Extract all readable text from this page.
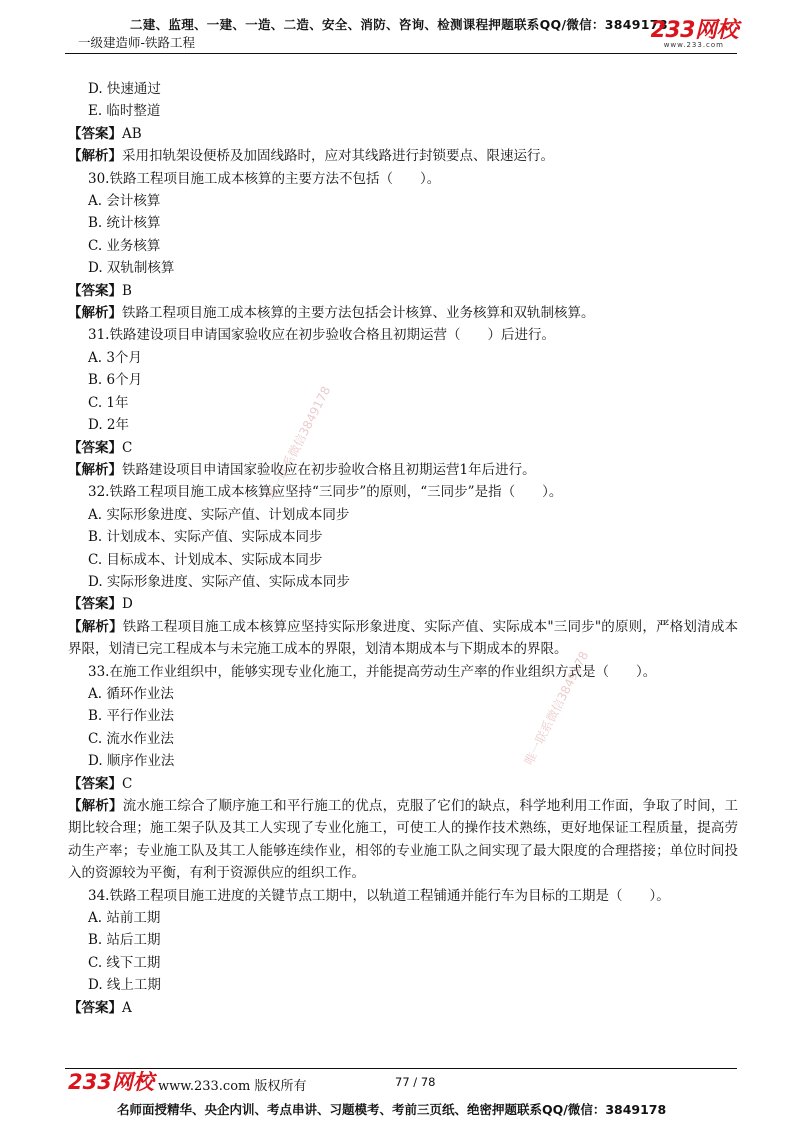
二建、监理、一建、一造、二造、安全、消防、咨询、检测课程押题联系QQ/微信：3849178
一级建造师-铁路工程	233网校
www.233.com
唯一联系微信3849178
唯一联系微信3849178
D. 快速通过
E. 临时整道
【答案】AB
【解析】采用扣轨架设便桥及加固线路时，应对其线路进行封锁要点、限速运行。
30.铁路工程项目施工成本核算的主要方法不包括（　　）。
A. 会计核算
B. 统计核算
C. 业务核算
D. 双轨制核算
【答案】B
【解析】铁路工程项目施工成本核算的主要方法包括会计核算、业务核算和双轨制核算。
31.铁路建设项目申请国家验收应在初步验收合格且初期运营（　　）后进行。
A. 3个月
B. 6个月
C. 1年
D. 2年
【答案】C
【解析】铁路建设项目申请国家验收应在初步验收合格且初期运营1年后进行。
32.铁路工程项目施工成本核算应坚持“三同步”的原则，“三同步”是指（　　）。
A. 实际形象进度、实际产值、计划成本同步
B. 计划成本、实际产值、实际成本同步
C. 目标成本、计划成本、实际成本同步
D. 实际形象进度、实际产值、实际成本同步
【答案】D
【解析】铁路工程项目施工成本核算应坚持实际形象进度、实际产值、实际成本"三同步"的原则，严格划清成本界限，划清已完工程成本与未完施工成本的界限，划清本期成本与下期成本的界限。
33.在施工作业组织中，能够实现专业化施工，并能提高劳动生产率的作业组织方式是（　　）。
A. 循环作业法
B. 平行作业法
C. 流水作业法
D. 顺序作业法
【答案】C
【解析】流水施工综合了顺序施工和平行施工的优点，克服了它们的缺点，科学地利用工作面，争取了时间，工期比较合理；施工架子队及其工人实现了专业化施工，可使工人的操作技术熟练，更好地保证工程质量，提高劳动生产率；专业施工队及其工人能够连续作业，相邻的专业施工队之间实现了最大限度的合理搭接；单位时间投入的资源较为平衡，有利于资源供应的组织工作。
34.铁路工程项目施工进度的关键节点工期中，以轨道工程铺通并能行车为目标的工期是（　　）。
A. 站前工期
B. 站后工期
C. 线下工期
D. 线上工期
【答案】A
233网校 www.233.com 版权所有	77 / 78
名师面授精华、央企内训、考点串讲、习题模考、考前三页纸、绝密押题联系QQ/微信：3849178
